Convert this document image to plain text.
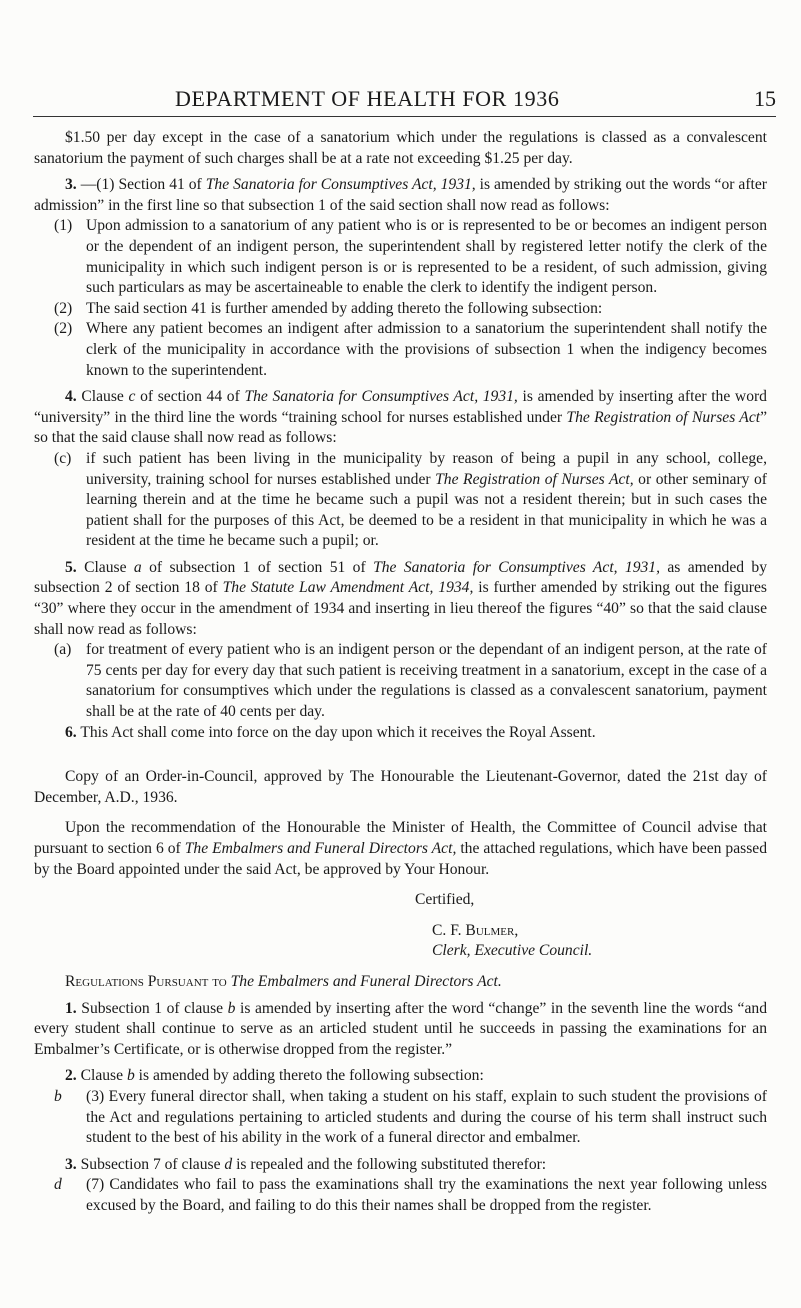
DEPARTMENT OF HEALTH FOR 1936	15

$1.50 per day except in the case of a sanatorium which under the regulations is classed as a convalescent sanatorium the payment of such charges shall be at a rate not exceeding $1.25 per day.

3. —(1) Section 41 of The Sanatoria for Consumptives Act, 1931, is amended by striking out the words “or after admission” in the first line so that subsection 1 of the said section shall now read as follows:

(1) Upon admission to a sanatorium of any patient who is or is represented to be or becomes an indigent person or the dependent of an indigent person, the superintendent shall by registered letter notify the clerk of the municipality in which such indigent person is or is represented to be a resident, of such admission, giving such particulars as may be ascertaineable to enable the clerk to identify the indigent person.

(2) The said section 41 is further amended by adding thereto the following subsection:

(2) Where any patient becomes an indigent after admission to a sanatorium the superintendent shall notify the clerk of the municipality in accordance with the provisions of subsection 1 when the indigency becomes known to the superintendent.

4. Clause c of section 44 of The Sanatoria for Consumptives Act, 1931, is amended by inserting after the word “university” in the third line the words “training school for nurses established under The Registration of Nurses Act” so that the said clause shall now read as follows:

(c) if such patient has been living in the municipality by reason of being a pupil in any school, college, university, training school for nurses established under The Registration of Nurses Act, or other seminary of learning therein and at the time he became such a pupil was not a resident therein; but in such cases the patient shall for the purposes of this Act, be deemed to be a resident in that municipality in which he was a resident at the time he became such a pupil; or.

5. Clause a of subsection 1 of section 51 of The Sanatoria for Consumptives Act, 1931, as amended by subsection 2 of section 18 of The Statute Law Amendment Act, 1934, is further amended by striking out the figures “30” where they occur in the amendment of 1934 and inserting in lieu thereof the figures “40” so that the said clause shall now read as follows:

(a) for treatment of every patient who is an indigent person or the dependant of an indigent person, at the rate of 75 cents per day for every day that such patient is receiving treatment in a sanatorium, except in the case of a sanatorium for consumptives which under the regulations is classed as a convalescent sanatorium, payment shall be at the rate of 40 cents per day.

6. This Act shall come into force on the day upon which it receives the Royal Assent.

Copy of an Order-in-Council, approved by The Honourable the Lieutenant-Governor, dated the 21st day of December, A.D., 1936.

Upon the recommendation of the Honourable the Minister of Health, the Committee of Council advise that pursuant to section 6 of The Embalmers and Funeral Directors Act, the attached regulations, which have been passed by the Board appointed under the said Act, be approved by Your Honour.

Certified,

C. F. Bulmer,

Clerk, Executive Council.

Regulations Pursuant to The Embalmers and Funeral Directors Act.

1. Subsection 1 of clause b is amended by inserting after the word “change” in the seventh line the words “and every student shall continue to serve as an articled student until he succeeds in passing the examinations for an Embalmer’s Certificate, or is otherwise dropped from the register.”

2. Clause b is amended by adding thereto the following subsection:

b (3) Every funeral director shall, when taking a student on his staff, explain to such student the provisions of the Act and regulations pertaining to articled students and during the course of his term shall instruct such student to the best of his ability in the work of a funeral director and embalmer.

3. Subsection 7 of clause d is repealed and the following substituted therefor:

d (7) Candidates who fail to pass the examinations shall try the examinations the next year following unless excused by the Board, and failing to do this their names shall be dropped from the register.
